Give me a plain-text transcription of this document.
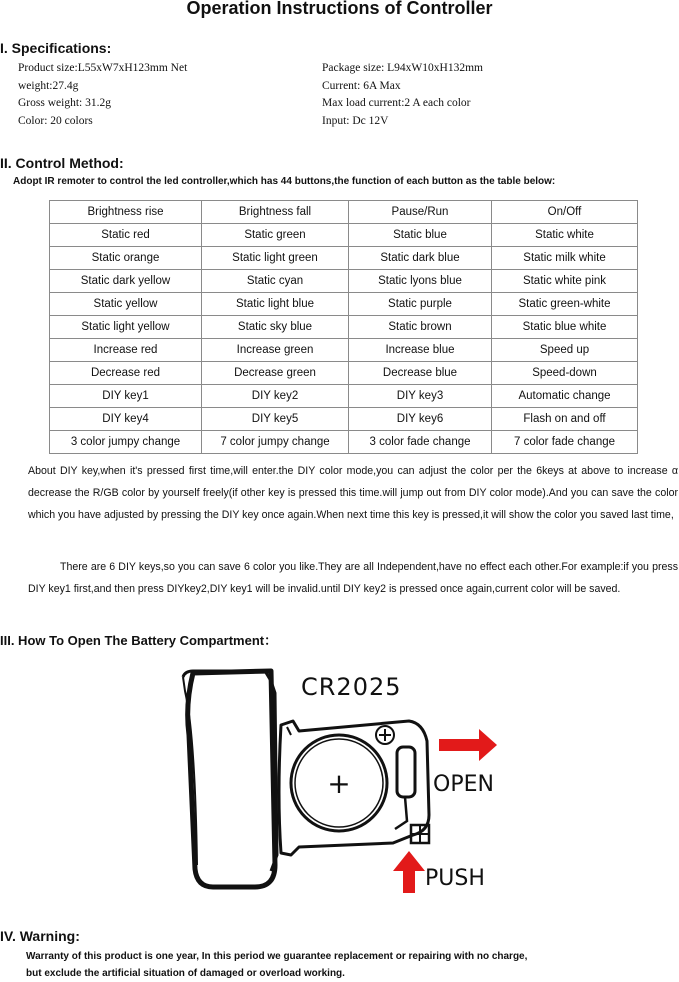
Operation Instructions of Controller
I. Specifications:
Product size:L55xW7xH123mm Net
weight:27.4g
Gross weight: 31.2g
Color: 20 colors
Package size: L94xW10xH132mm
Current: 6A Max
Max load current:2 A each color
Input: Dc 12V
II. Control Method:
Adopt IR remoter to control the led controller,which has 44 buttons,the function of each button as the table below:
Brightness rise	Brightness fall	Pause/Run	On/Off
Static red	Static green	Static blue	Static white
Static orange	Static light green	Static dark blue	Static milk white
Static dark yellow	Static cyan	Static lyons blue	Static white pink
Static yellow	Static light blue	Static purple	Static green-white
Static light yellow	Static sky blue	Static brown	Static blue white
Increase red	Increase green	Increase blue	Speed up
Decrease red	Decrease green	Decrease blue	Speed-down
DIY key1	DIY key2	DIY key3	Automatic change
DIY key4	DIY key5	DIY key6	Flash on and off
3 color jumpy change	7 color jumpy change	3 color fade change	7 color fade change
About DIY key,when it's pressed first time,will enter.the DIY color mode,you can adjust the color per the 6keys at above to increase α decrease the R/GB color by yourself freely(if other key is pressed this time.will jump out from DIY color mode).And you can save the color which you have adjusted by pressing the DIY key once again.When next time this key is pressed,it will show the color you saved last time,
There are 6 DIY keys,so you can save 6 color you like.They are all Independent,have no effect each other.For example:if you press DIY key1 first,and then press DIYkey2,DIY key1 will be invalid.until DIY key2 is pressed once again,current color will be saved.
III. How To Open The Battery Compartment：
CR2025
+	OPEN
PUSH
IV. Warning:
Warranty of this product is one year, In this period we guarantee replacement or repairing with no charge,
but exclude the artificial situation of damaged or overload working.
